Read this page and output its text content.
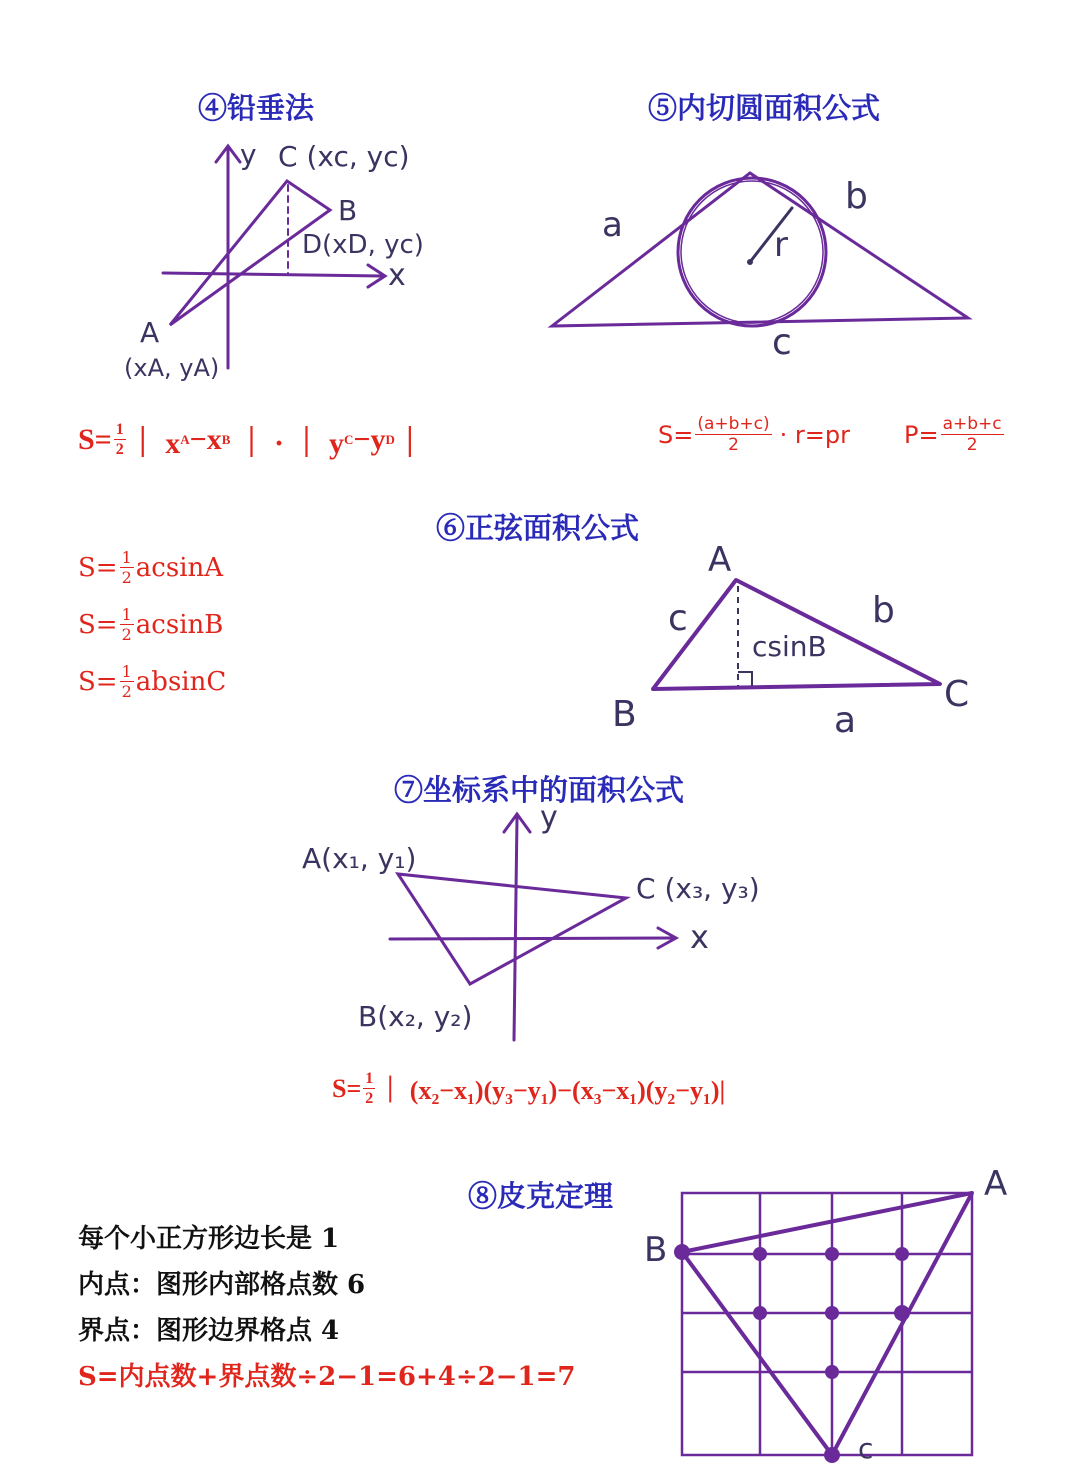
④铅垂法
y C (xc, yc)
B
D(xD, yc)
x
A
(xA, yA)
$S= \frac{1}{2}$ ｜ x A −x B ｜ · ｜ y C −y D ｜
⑤内切圆面积公式
a
b
r
c
$S= \frac{(a+b+c)}{2} \cdot r=pr$ $P= \frac{a+b+c}{2}$
⑥正弦面积公式
$S= \frac{1}{2}$ acsinA
$S= \frac{1}{2}$ acsinB
$S= \frac{1}{2}$ absinC
A
c	b
csinB
B	C
a
⑦坐标系中的面积公式
y
A(x₁, y₁)
C (x₃, y₃)
x
B(x₂, y₂)
$S= \frac{1}{2}$ ｜ (x₂−x₁)(y₃−y₁)−(x₃−x₁)(y₂−y₁)|
⑧皮克定理
每个小正方形边长是 1
内点：图形内部格点数 6
界点：图形边界格点 4
S=内点数+界点数÷2−1=6+4÷2−1=7
A
B
c
